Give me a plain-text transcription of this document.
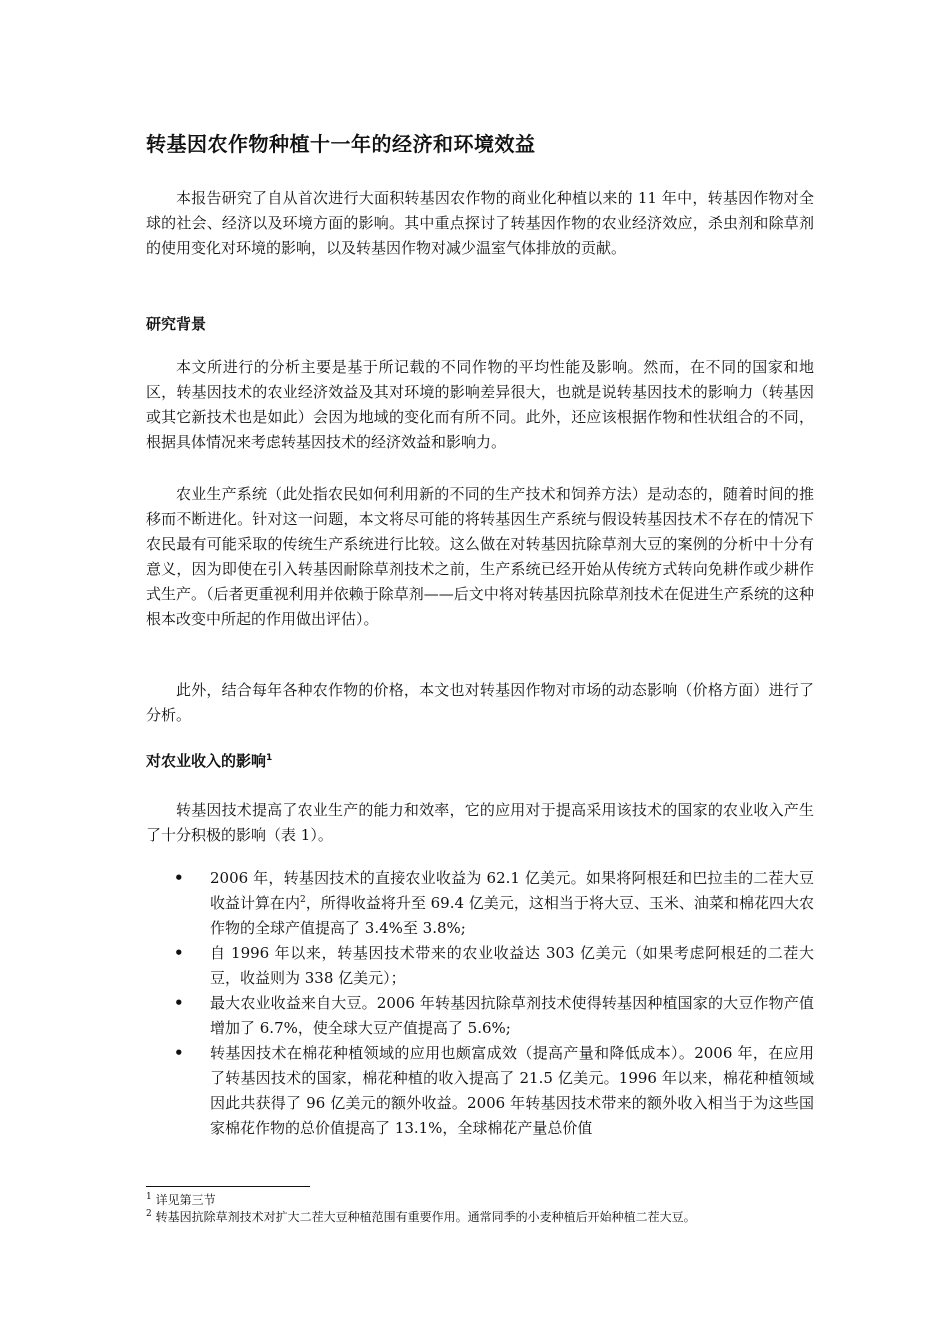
转基因农作物种植十一年的经济和环境效益

本报告研究了自从首次进行大面积转基因农作物的商业化种植以来的 11 年中，转基因作物对全球的社会、经济以及环境方面的影响。其中重点探讨了转基因作物的农业经济效应，杀虫剂和除草剂的使用变化对环境的影响，以及转基因作物对减少温室气体排放的贡献。

研究背景

本文所进行的分析主要是基于所记载的不同作物的平均性能及影响。然而，在不同的国家和地区，转基因技术的农业经济效益及其对环境的影响差异很大，也就是说转基因技术的影响力（转基因或其它新技术也是如此）会因为地域的变化而有所不同。此外，还应该根据作物和性状组合的不同，根据具体情况来考虑转基因技术的经济效益和影响力。

农业生产系统（此处指农民如何利用新的不同的生产技术和饲养方法）是动态的，随着时间的推移而不断进化。针对这一问题，本文将尽可能的将转基因生产系统与假设转基因技术不存在的情况下农民最有可能采取的传统生产系统进行比较。这么做在对转基因抗除草剂大豆的案例的分析中十分有意义，因为即使在引入转基因耐除草剂技术之前，生产系统已经开始从传统方式转向免耕作或少耕作式生产。（后者更重视利用并依赖于除草剂——后文中将对转基因抗除草剂技术在促进生产系统的这种根本改变中所起的作用做出评估）。

此外，结合每年各种农作物的价格，本文也对转基因作物对市场的动态影响（价格方面）进行了分析。

对农业收入的影响$^1$

转基因技术提高了农业生产的能力和效率，它的应用对于提高采用该技术的国家的农业收入产生了十分积极的影响（表 1）。

• 2006 年，转基因技术的直接农业收益为 62.1 亿美元。如果将阿根廷和巴拉圭的二茬大豆收益计算在内$^2$，所得收益将升至 69.4 亿美元，这相当于将大豆、玉米、油菜和棉花四大农作物的全球产值提高了 3.4%至 3.8%;
• 自 1996 年以来，转基因技术带来的农业收益达 303 亿美元（如果考虑阿根廷的二茬大豆，收益则为 338 亿美元）；
• 最大农业收益来自大豆。2006 年转基因抗除草剂技术使得转基因种植国家的大豆作物产值增加了 6.7%，使全球大豆产值提高了 5.6%;
• 转基因技术在棉花种植领域的应用也颇富成效（提高产量和降低成本）。2006 年，在应用了转基因技术的国家，棉花种植的收入提高了 21.5 亿美元。1996 年以来，棉花种植领域因此共获得了 96 亿美元的额外收益。2006 年转基因技术带来的额外收入相当于为这些国家棉花作物的总价值提高了 13.1%，全球棉花产量总价值

$^1$ 详见第三节

$^2$ 转基因抗除草剂技术对扩大二茬大豆种植范围有重要作用。通常同季的小麦种植后开始种植二茬大豆。
